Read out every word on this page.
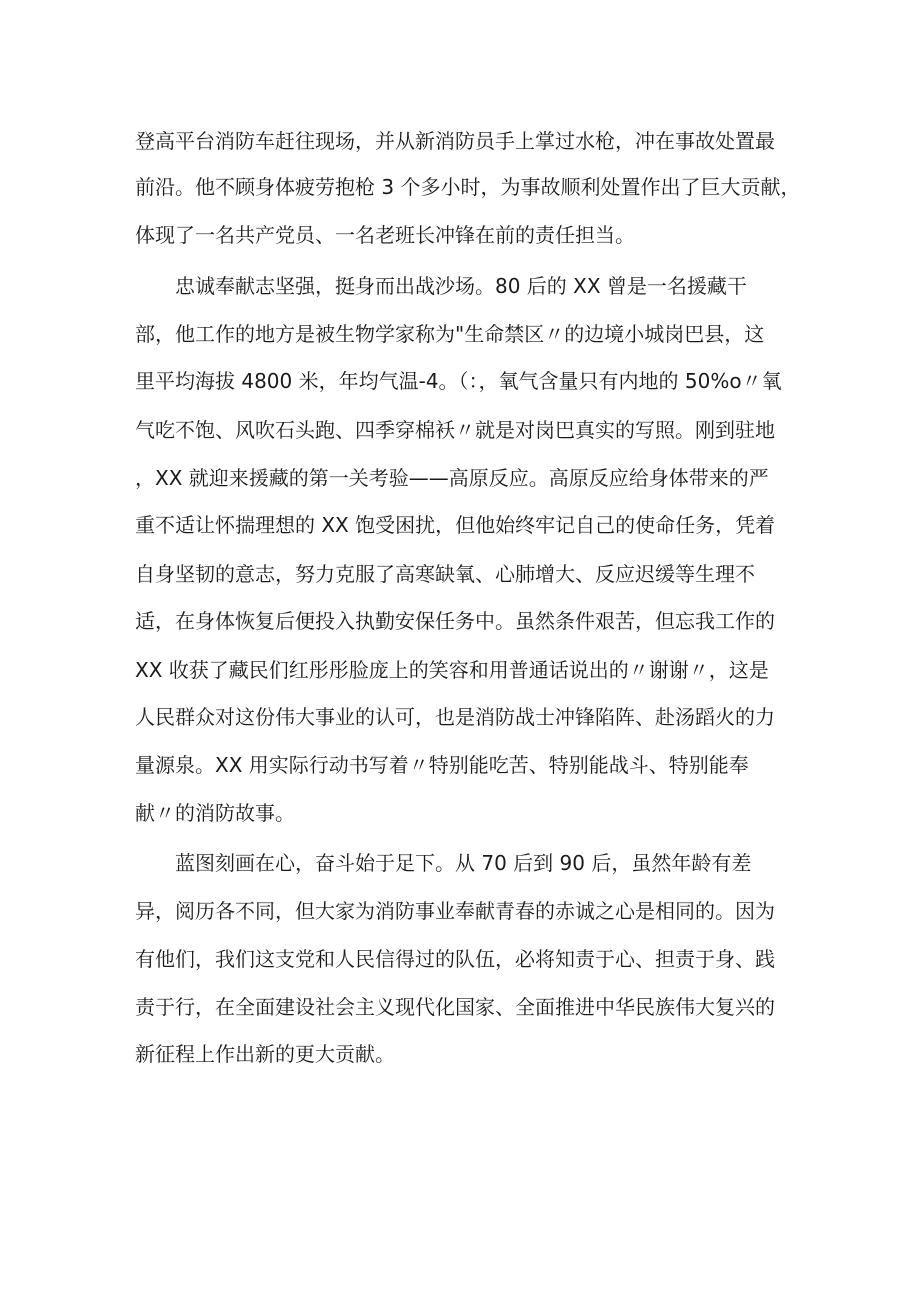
登高平台消防车赶往现场，并从新消防员手上掌过水枪，冲在事故处置最
前沿。他不顾身体疲劳抱枪 3 个多小时，为事故顺利处置作出了巨大贡献，
体现了一名共产党员、一名老班长冲锋在前的责任担当。
忠诚奉献志坚强，挺身而出战沙场。80 后的 XX 曾是一名援藏干
部，他工作的地方是被生物学家称为"生命禁区〃的边境小城岗巴县，这
里平均海拔 4800 米，年均气温-4。（：，氧气含量只有内地的 50%o〃氧
气吃不饱、风吹石头跑、四季穿棉袄〃就是对岗巴真实的写照。刚到驻地
，XX 就迎来援藏的第一关考验——高原反应。高原反应给身体带来的严
重不适让怀揣理想的 XX 饱受困扰，但他始终牢记自己的使命任务，凭着
自身坚韧的意志，努力克服了高寒缺氧、心肺增大、反应迟缓等生理不
适，在身体恢复后便投入执勤安保任务中。虽然条件艰苦，但忘我工作的
XX 收获了藏民们红彤彤脸庞上的笑容和用普通话说出的〃谢谢〃，这是
人民群众对这份伟大事业的认可，也是消防战士冲锋陷阵、赴汤蹈火的力
量源泉。XX 用实际行动书写着〃特别能吃苦、特别能战斗、特别能奉
献〃的消防故事。
蓝图刻画在心，奋斗始于足下。从 70 后到 90 后，虽然年龄有差
异，阅历各不同，但大家为消防事业奉献青春的赤诚之心是相同的。因为
有他们，我们这支党和人民信得过的队伍，必将知责于心、担责于身、践
责于行，在全面建设社会主义现代化国家、全面推进中华民族伟大复兴的
新征程上作出新的更大贡献。
